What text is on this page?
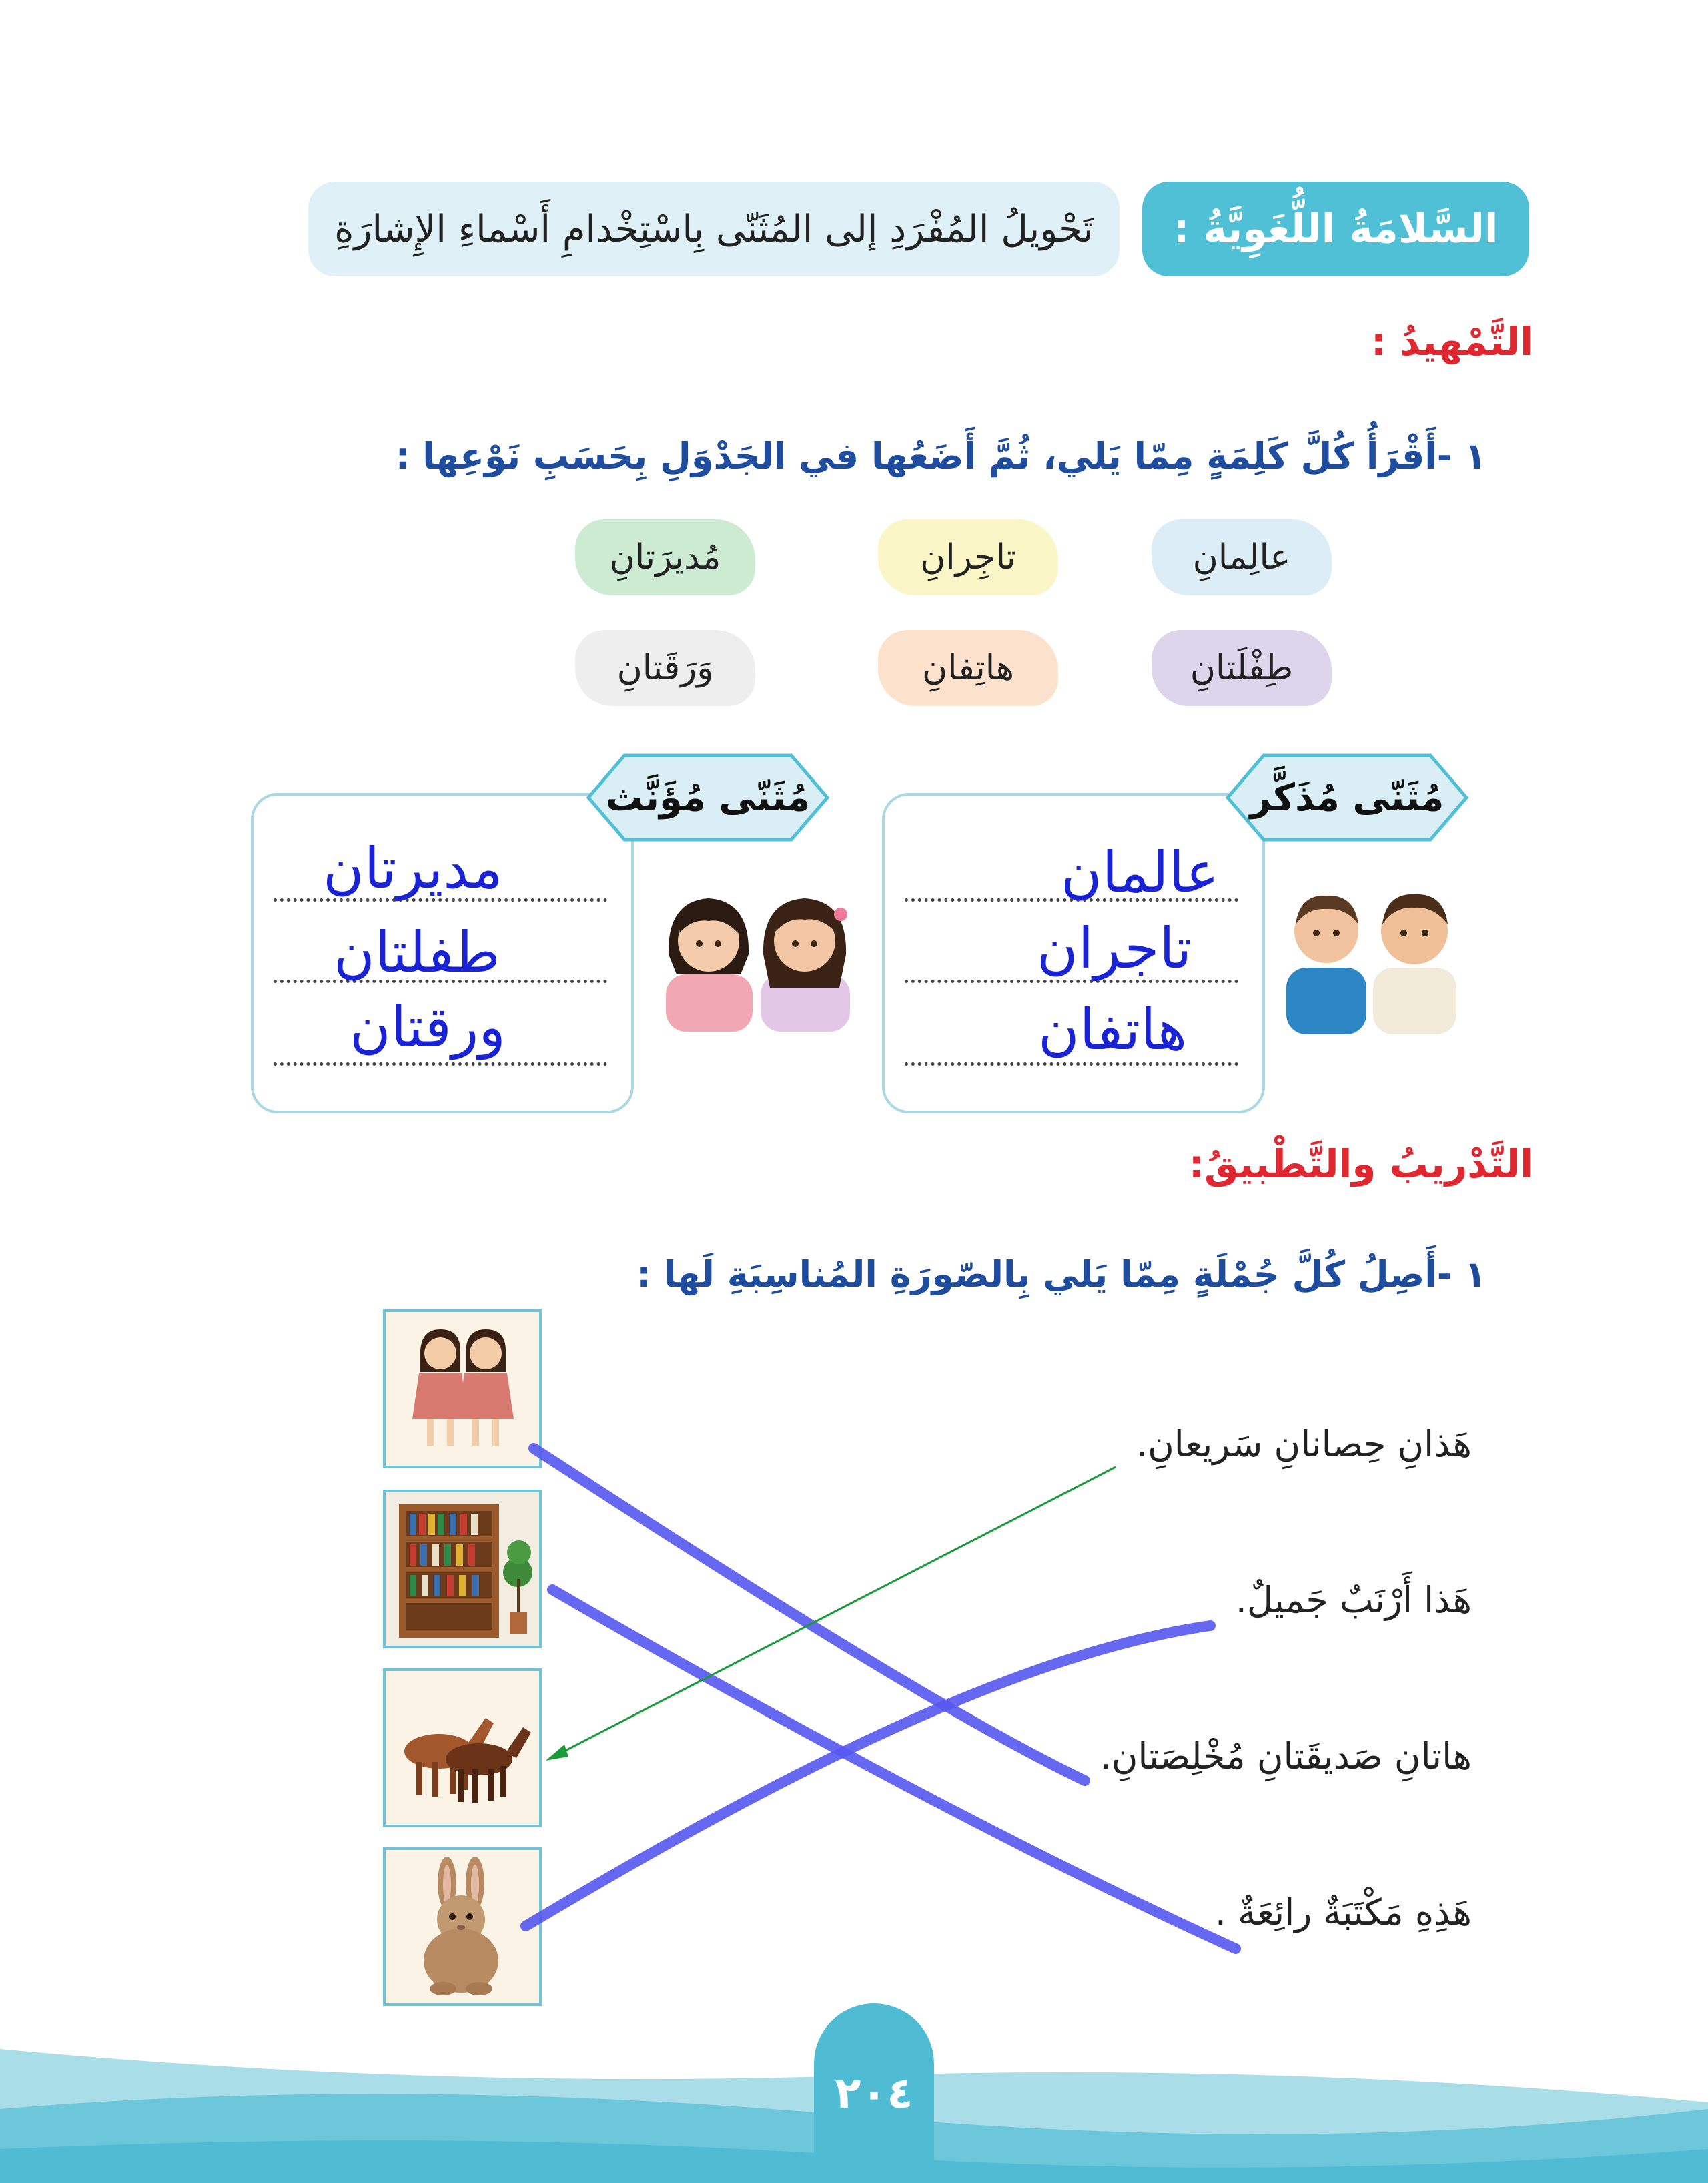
السَّلامَةُ اللُّغَوِيَّةُ :
تَحْويلُ المُفْرَدِ إلى المُثَنّى بِاسْتِخْدامِ أَسْماءِ الإِشارَةِ
التَّمْهيدُ :
١ -أَقْرَأُ كُلَّ كَلِمَةٍ مِمّا يَلي، ثُمَّ أَضَعُها في الجَدْوَلِ بِحَسَبِ نَوْعِها :
عالِمانِ
تاجِرانِ
مُديرَتانِ
طِفْلَتانِ
هاتِفانِ
وَرَقَتانِ
عالمان
تاجران
هاتفان
مُثَنّى مُذَكَّر
مديرتان
طفلتان
ورقتان
مُثَنّى مُؤَنَّث
التَّدْريبُ والتَّطْبيقُ:
١ -أَصِلُ كُلَّ جُمْلَةٍ مِمّا يَلي بِالصّورَةِ المُناسِبَةِ لَها :
هَذانِ حِصانانِ سَريعانِ.
هَذا أَرْنَبٌ جَميلٌ.
هاتانِ صَديقَتانِ مُخْلِصَتانِ.
هَذِهِ مَكْتَبَةٌ رائِعَةٌ .
٢٠٤
